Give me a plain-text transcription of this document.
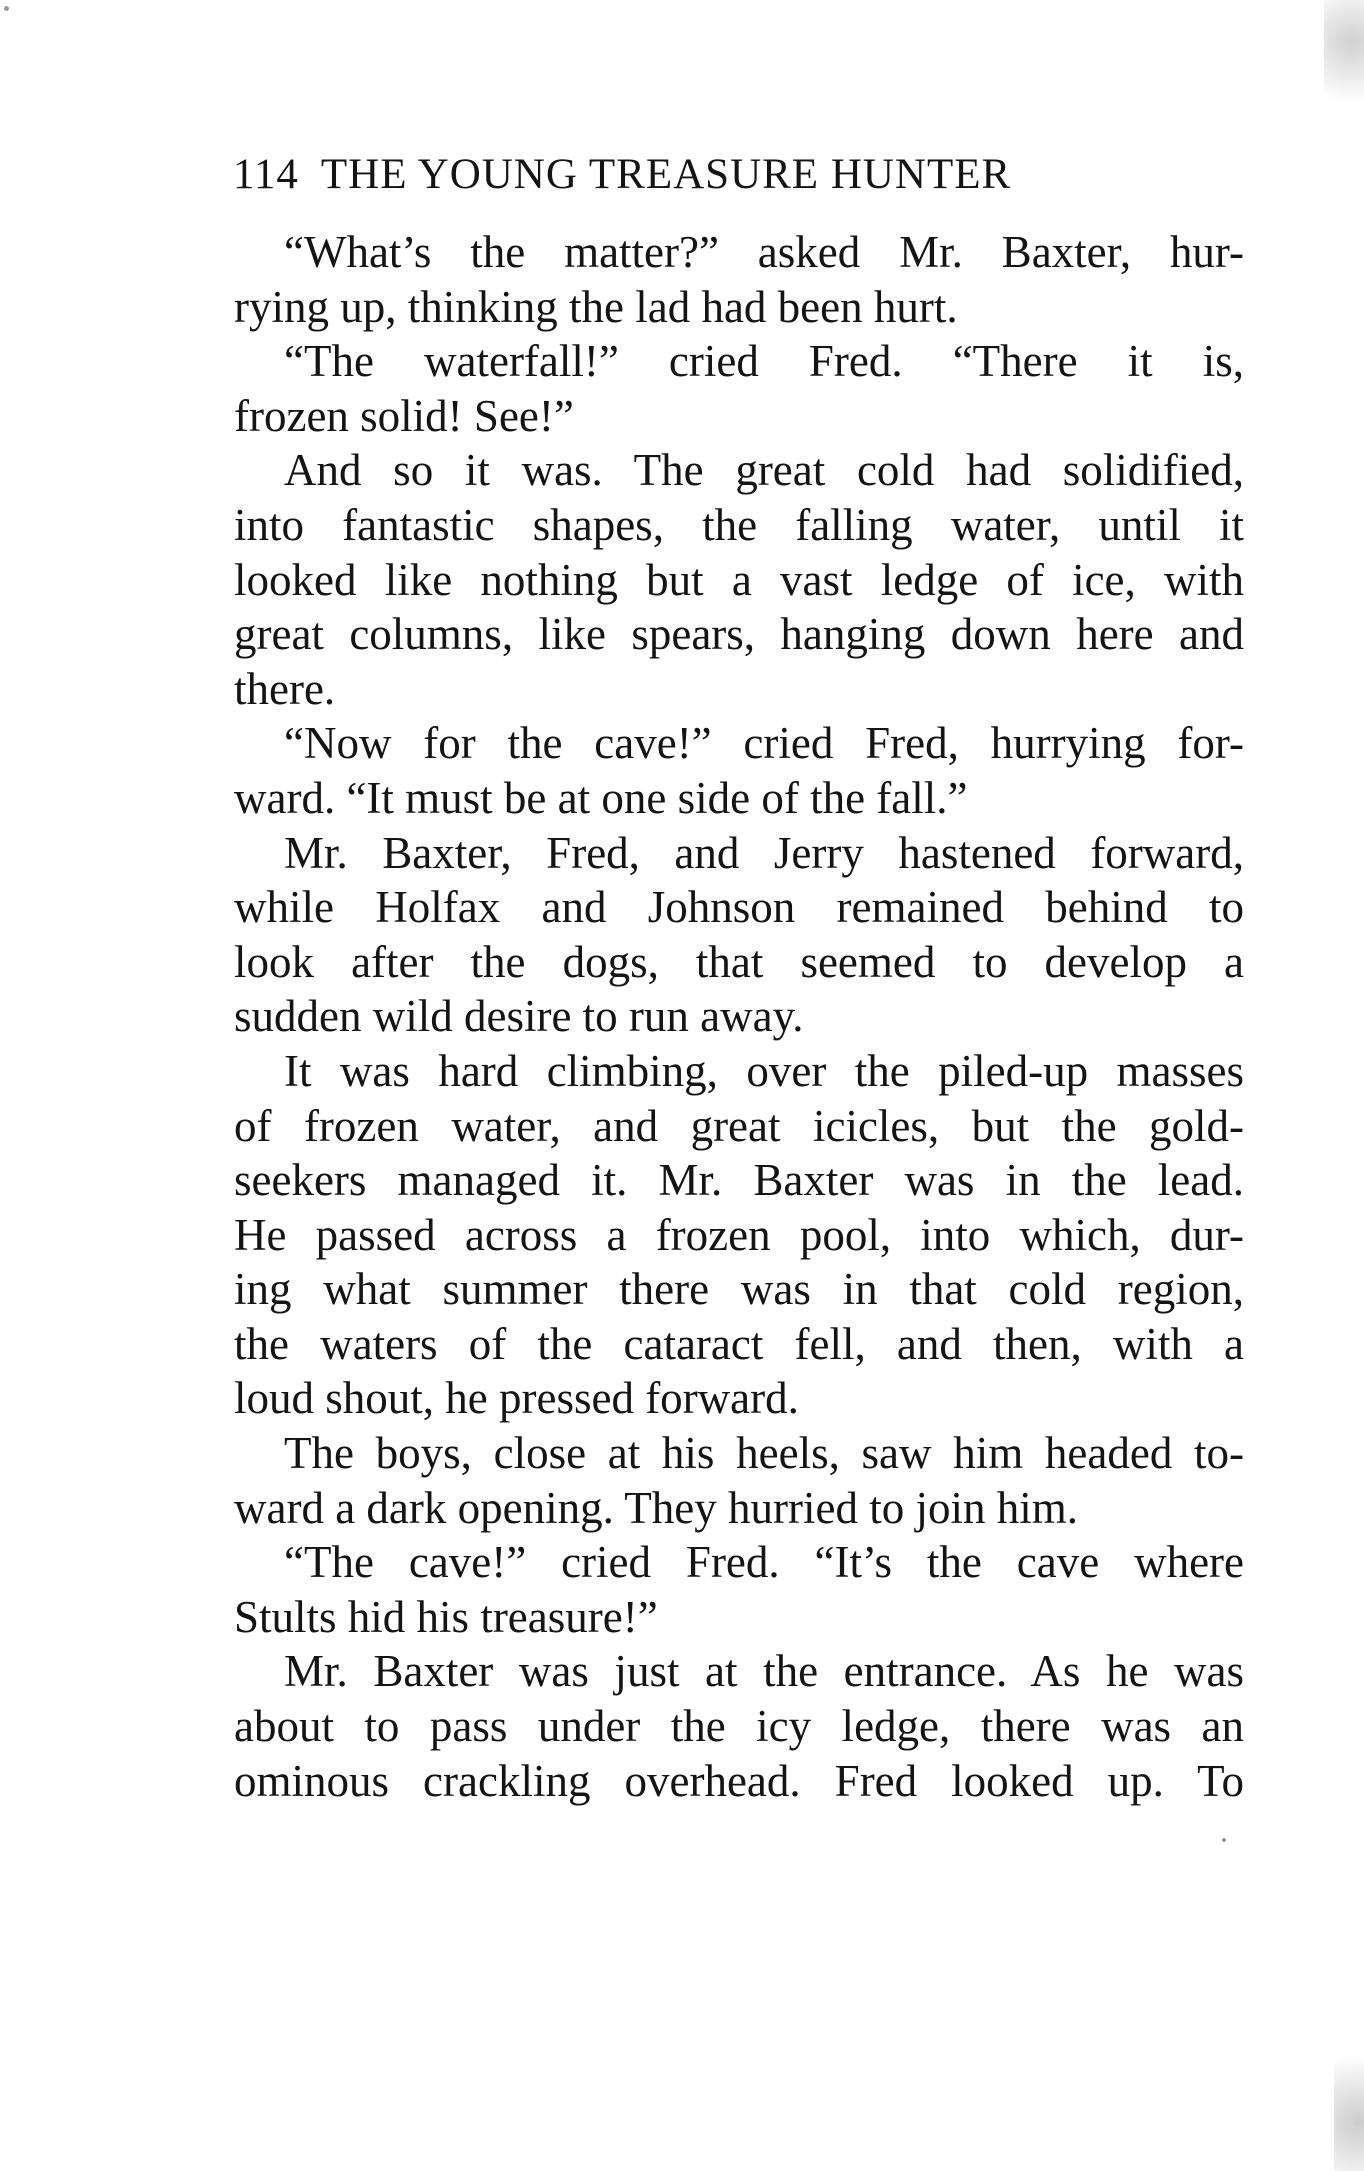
114 THE YOUNG TREASURE HUNTER
“What’s the matter?” asked Mr. Baxter, hur-
rying up, thinking the lad had been hurt.
“The waterfall!” cried Fred. “There it is,
frozen solid! See!”
And so it was. The great cold had solidified,
into fantastic shapes, the falling water, until it
looked like nothing but a vast ledge of ice, with
great columns, like spears, hanging down here and
there.
“Now for the cave!” cried Fred, hurrying for-
ward. “It must be at one side of the fall.”
Mr. Baxter, Fred, and Jerry hastened forward,
while Holfax and Johnson remained behind to
look after the dogs, that seemed to develop a
sudden wild desire to run away.
It was hard climbing, over the piled-up masses
of frozen water, and great icicles, but the gold-
seekers managed it. Mr. Baxter was in the lead.
He passed across a frozen pool, into which, dur-
ing what summer there was in that cold region,
the waters of the cataract fell, and then, with a
loud shout, he pressed forward.
The boys, close at his heels, saw him headed to-
ward a dark opening. They hurried to join him.
“The cave!” cried Fred. “It’s the cave where
Stults hid his treasure!”
Mr. Baxter was just at the entrance. As he was
about to pass under the icy ledge, there was an
ominous crackling overhead. Fred looked up. To
